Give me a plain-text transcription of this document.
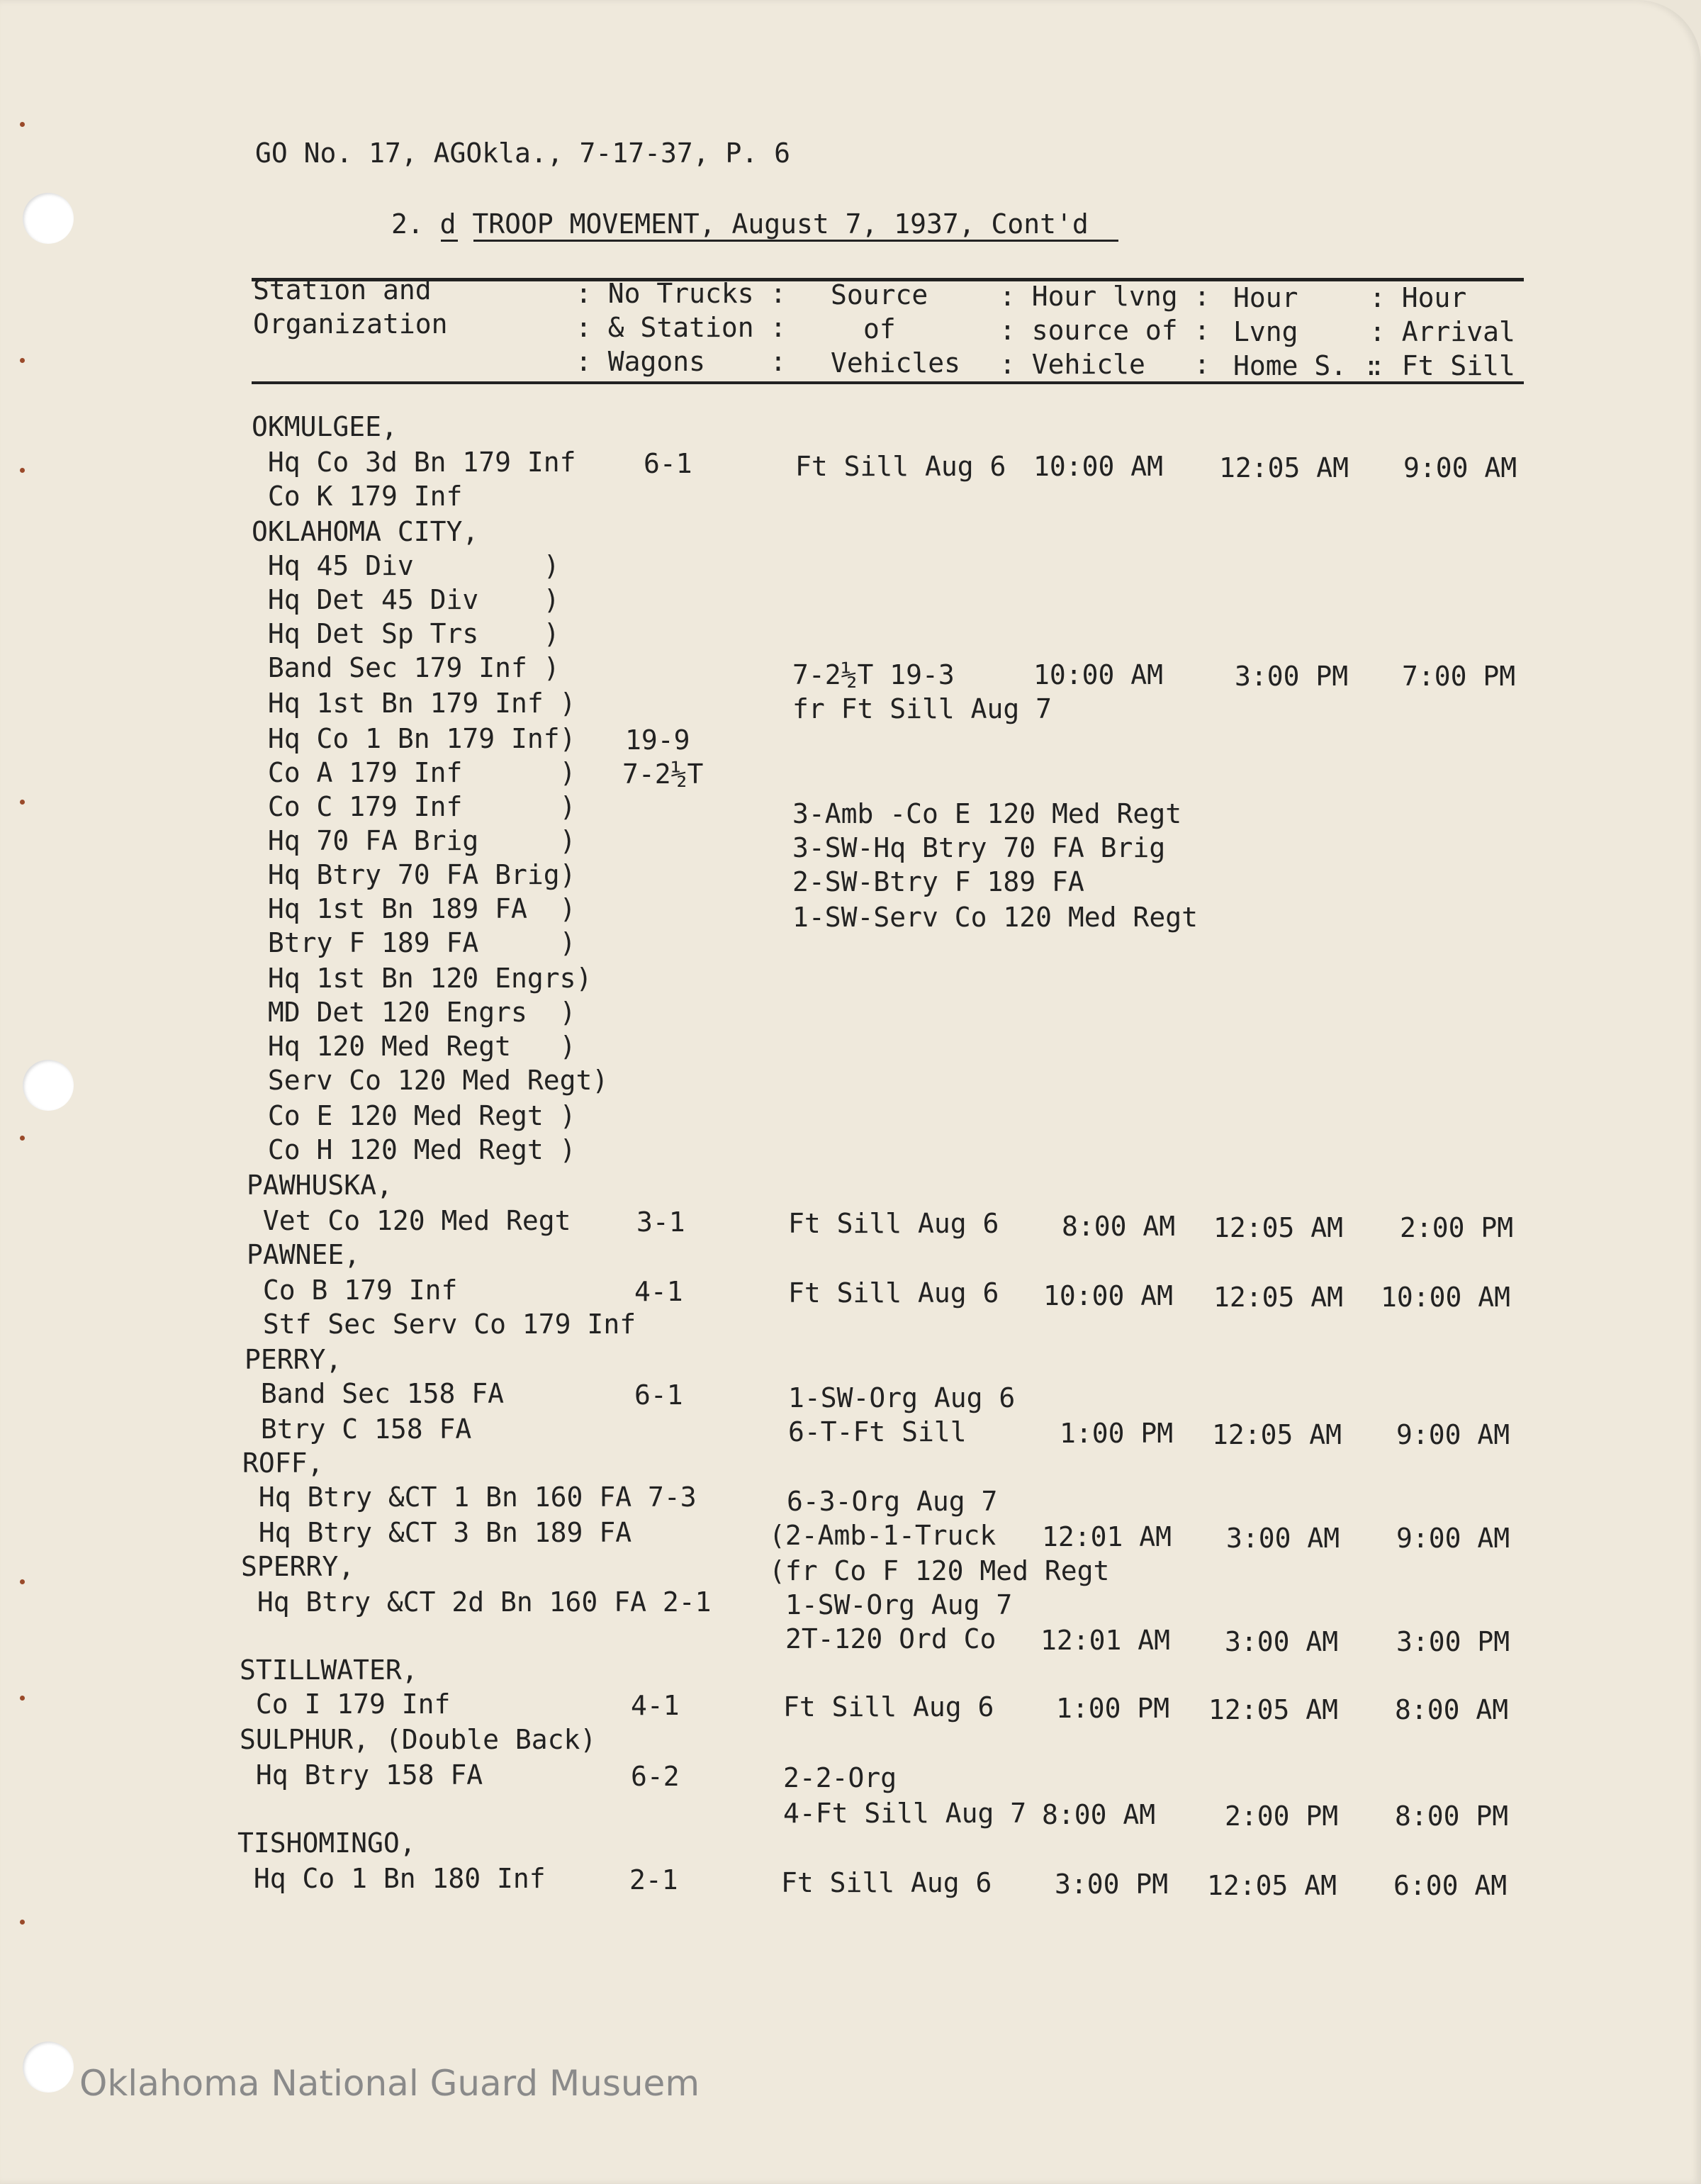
GO No. 17, AGOkla., 7-17-37, P. 6
2. d TROOP MOVEMENT, August 7, 1937, Cont'd
Station and
Organization
: No Trucks :
: & Station :
: Wagons    :
Source
of
Vehicles
: Hour lvng :
: source of :
: Vehicle   :
Hour
Lvng
Home S. :
: Hour
: Arrival
: Ft Sill
OKMULGEE,
Hq Co 3d Bn 179 Inf
Co K 179 Inf
OKLAHOMA CITY,
Hq 45 Div        )
Hq Det 45 Div    )
Hq Det Sp Trs    )
Band Sec 179 Inf )
Hq 1st Bn 179 Inf )
Hq Co 1 Bn 179 Inf)
Co A 179 Inf      )
Co C 179 Inf      )
Hq 70 FA Brig     )
Hq Btry 70 FA Brig)
Hq 1st Bn 189 FA  )
Btry F 189 FA     )
Hq 1st Bn 120 Engrs)
MD Det 120 Engrs  )
Hq 120 Med Regt   )
Serv Co 120 Med Regt)
Co E 120 Med Regt )
Co H 120 Med Regt )
PAWHUSKA,
Vet Co 120 Med Regt
PAWNEE,
Co B 179 Inf
Stf Sec Serv Co 179 Inf
PERRY,
Band Sec 158 FA
Btry C 158 FA
ROFF,
Hq Btry &CT 1 Bn 160 FA 7-3
Hq Btry &CT 3 Bn 189 FA
SPERRY,
Hq Btry &CT 2d Bn 160 FA 2-1
STILLWATER,
Co I 179 Inf
SULPHUR, (Double Back)
Hq Btry 158 FA
TISHOMINGO,
Hq Co 1 Bn 180 Inf
6-1
19-9
7-2½T
3-1
4-1
6-1
4-1
6-2
2-1
Ft Sill Aug 6
7-2½T 19-3
fr Ft Sill Aug 7
3-Amb -Co E 120 Med Regt
3-SW-Hq Btry 70 FA Brig
2-SW-Btry F 189 FA
1-SW-Serv Co 120 Med Regt
Ft Sill Aug 6
Ft Sill Aug 6
1-SW-Org Aug 6
6-T-Ft Sill
6-3-Org Aug 7
(2-Amb-1-Truck
(fr Co F 120 Med Regt
1-SW-Org Aug 7
2T-120 Ord Co
Ft Sill Aug 6
2-2-Org
4-Ft Sill Aug 7
Ft Sill Aug 6
10:00 AM 12:05 AM 9:00 AM
10:00 AM	3:00 PM 7:00 PM
8:00 AM 12:05 AM 2:00 PM
10:00 AM 12:05 AM 10:00 AM
1:00 PM 12:05 AM 9:00 AM
12:01 AM 3:00 AM 9:00 AM
12:01 AM 3:00 AM 3:00 PM
1:00 PM 12:05 AM 8:00 AM
8:00 AM	2:00 PM 8:00 PM
3:00 PM 12:05 AM 6:00 AM
Oklahoma National Guard Musuem
